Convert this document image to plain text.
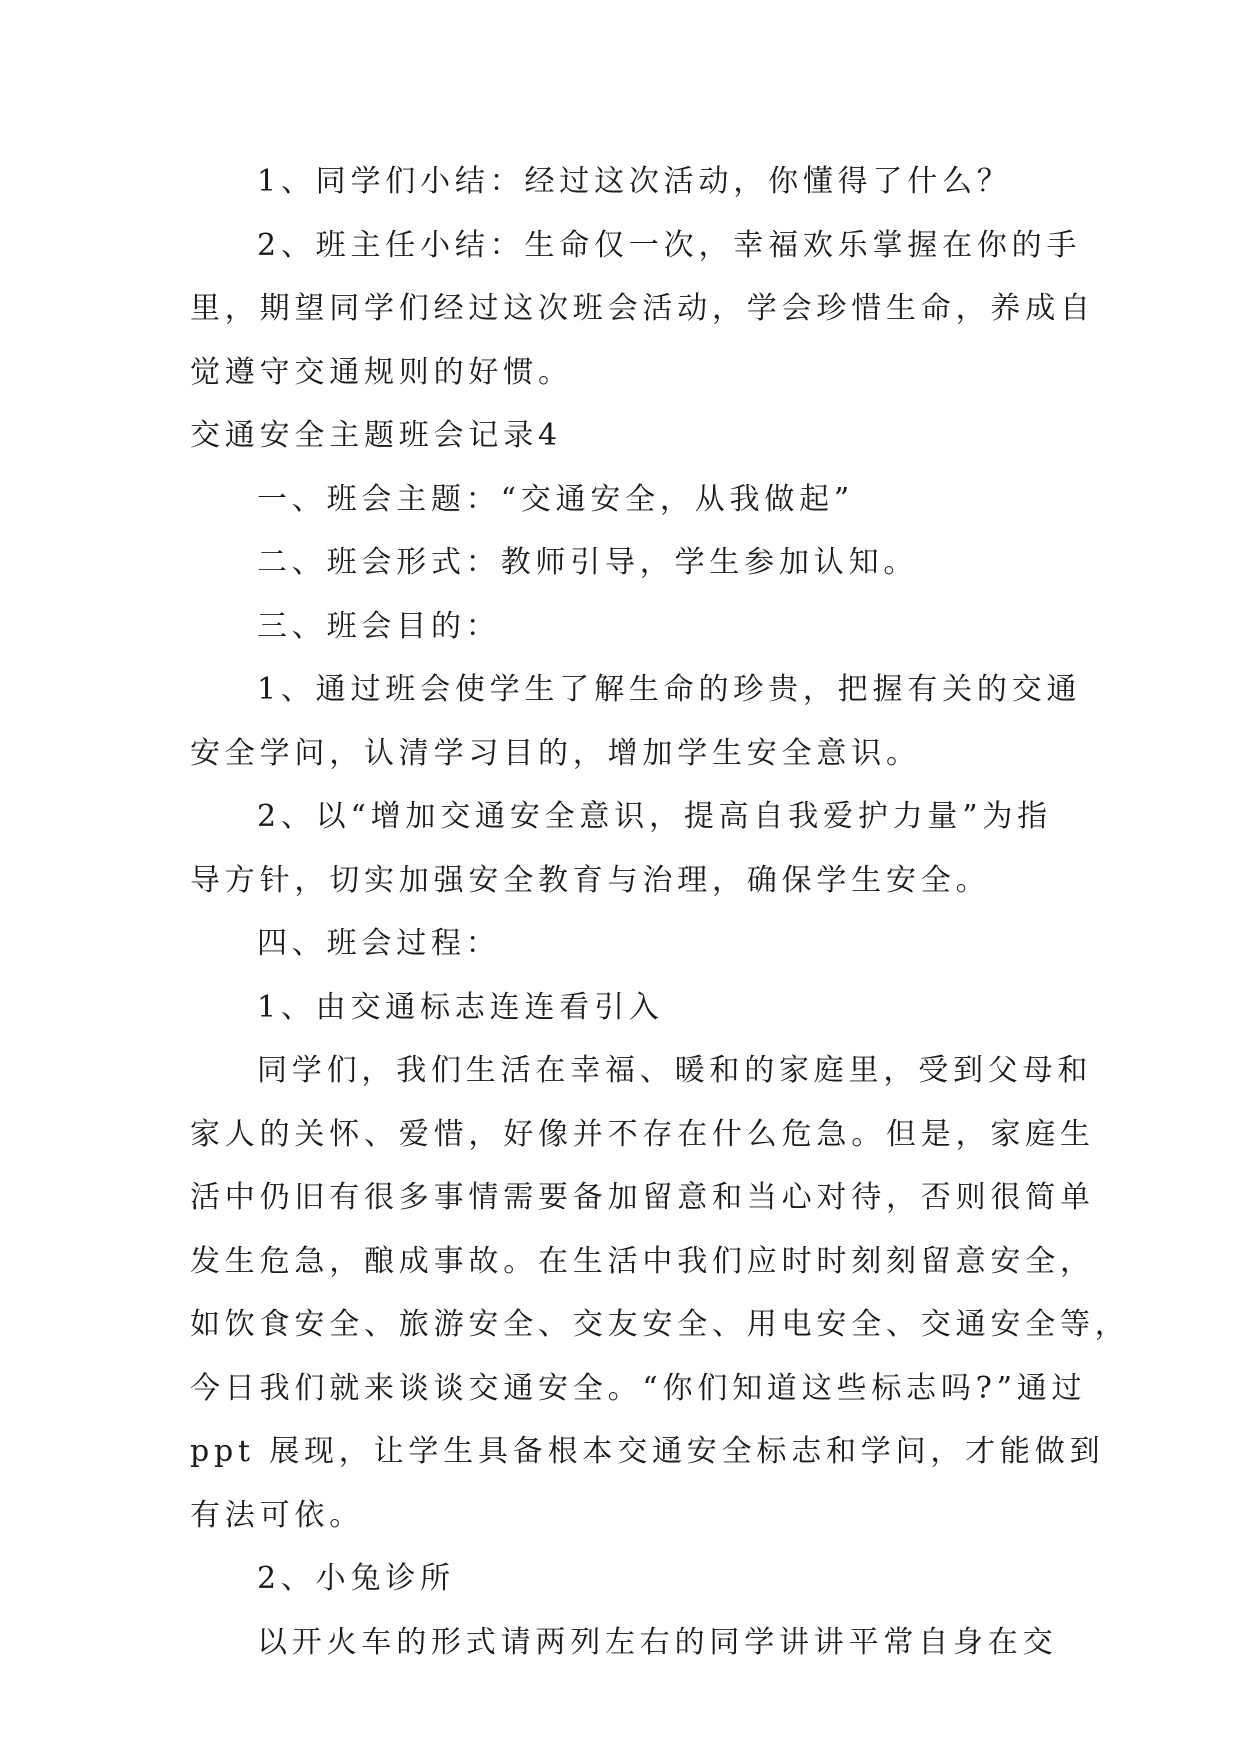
1、同学们小结：经过这次活动，你懂得了什么？
2、班主任小结：生命仅一次，幸福欢乐掌握在你的手
里，期望同学们经过这次班会活动，学会珍惜生命，养成自
觉遵守交通规则的好惯。
交通安全主题班会记录4
一、班会主题：“交通安全，从我做起”
二、班会形式：教师引导，学生参加认知。
三、班会目的：
1、通过班会使学生了解生命的珍贵，把握有关的交通
安全学问，认清学习目的，增加学生安全意识。
2、以“增加交通安全意识，提高自我爱护力量”为指
导方针，切实加强安全教育与治理，确保学生安全。
四、班会过程：
1、由交通标志连连看引入
同学们，我们生活在幸福、暖和的家庭里，受到父母和
家人的关怀、爱惜，好像并不存在什么危急。但是，家庭生
活中仍旧有很多事情需要备加留意和当心对待，否则很简单
发生危急，酿成事故。在生活中我们应时时刻刻留意安全，
如饮食安全、旅游安全、交友安全、用电安全、交通安全等，
今日我们就来谈谈交通安全。“你们知道这些标志吗?”通过
ppt 展现，让学生具备根本交通安全标志和学问，才能做到
有法可依。
2、小兔诊所
以开火车的形式请两列左右的同学讲讲平常自身在交
